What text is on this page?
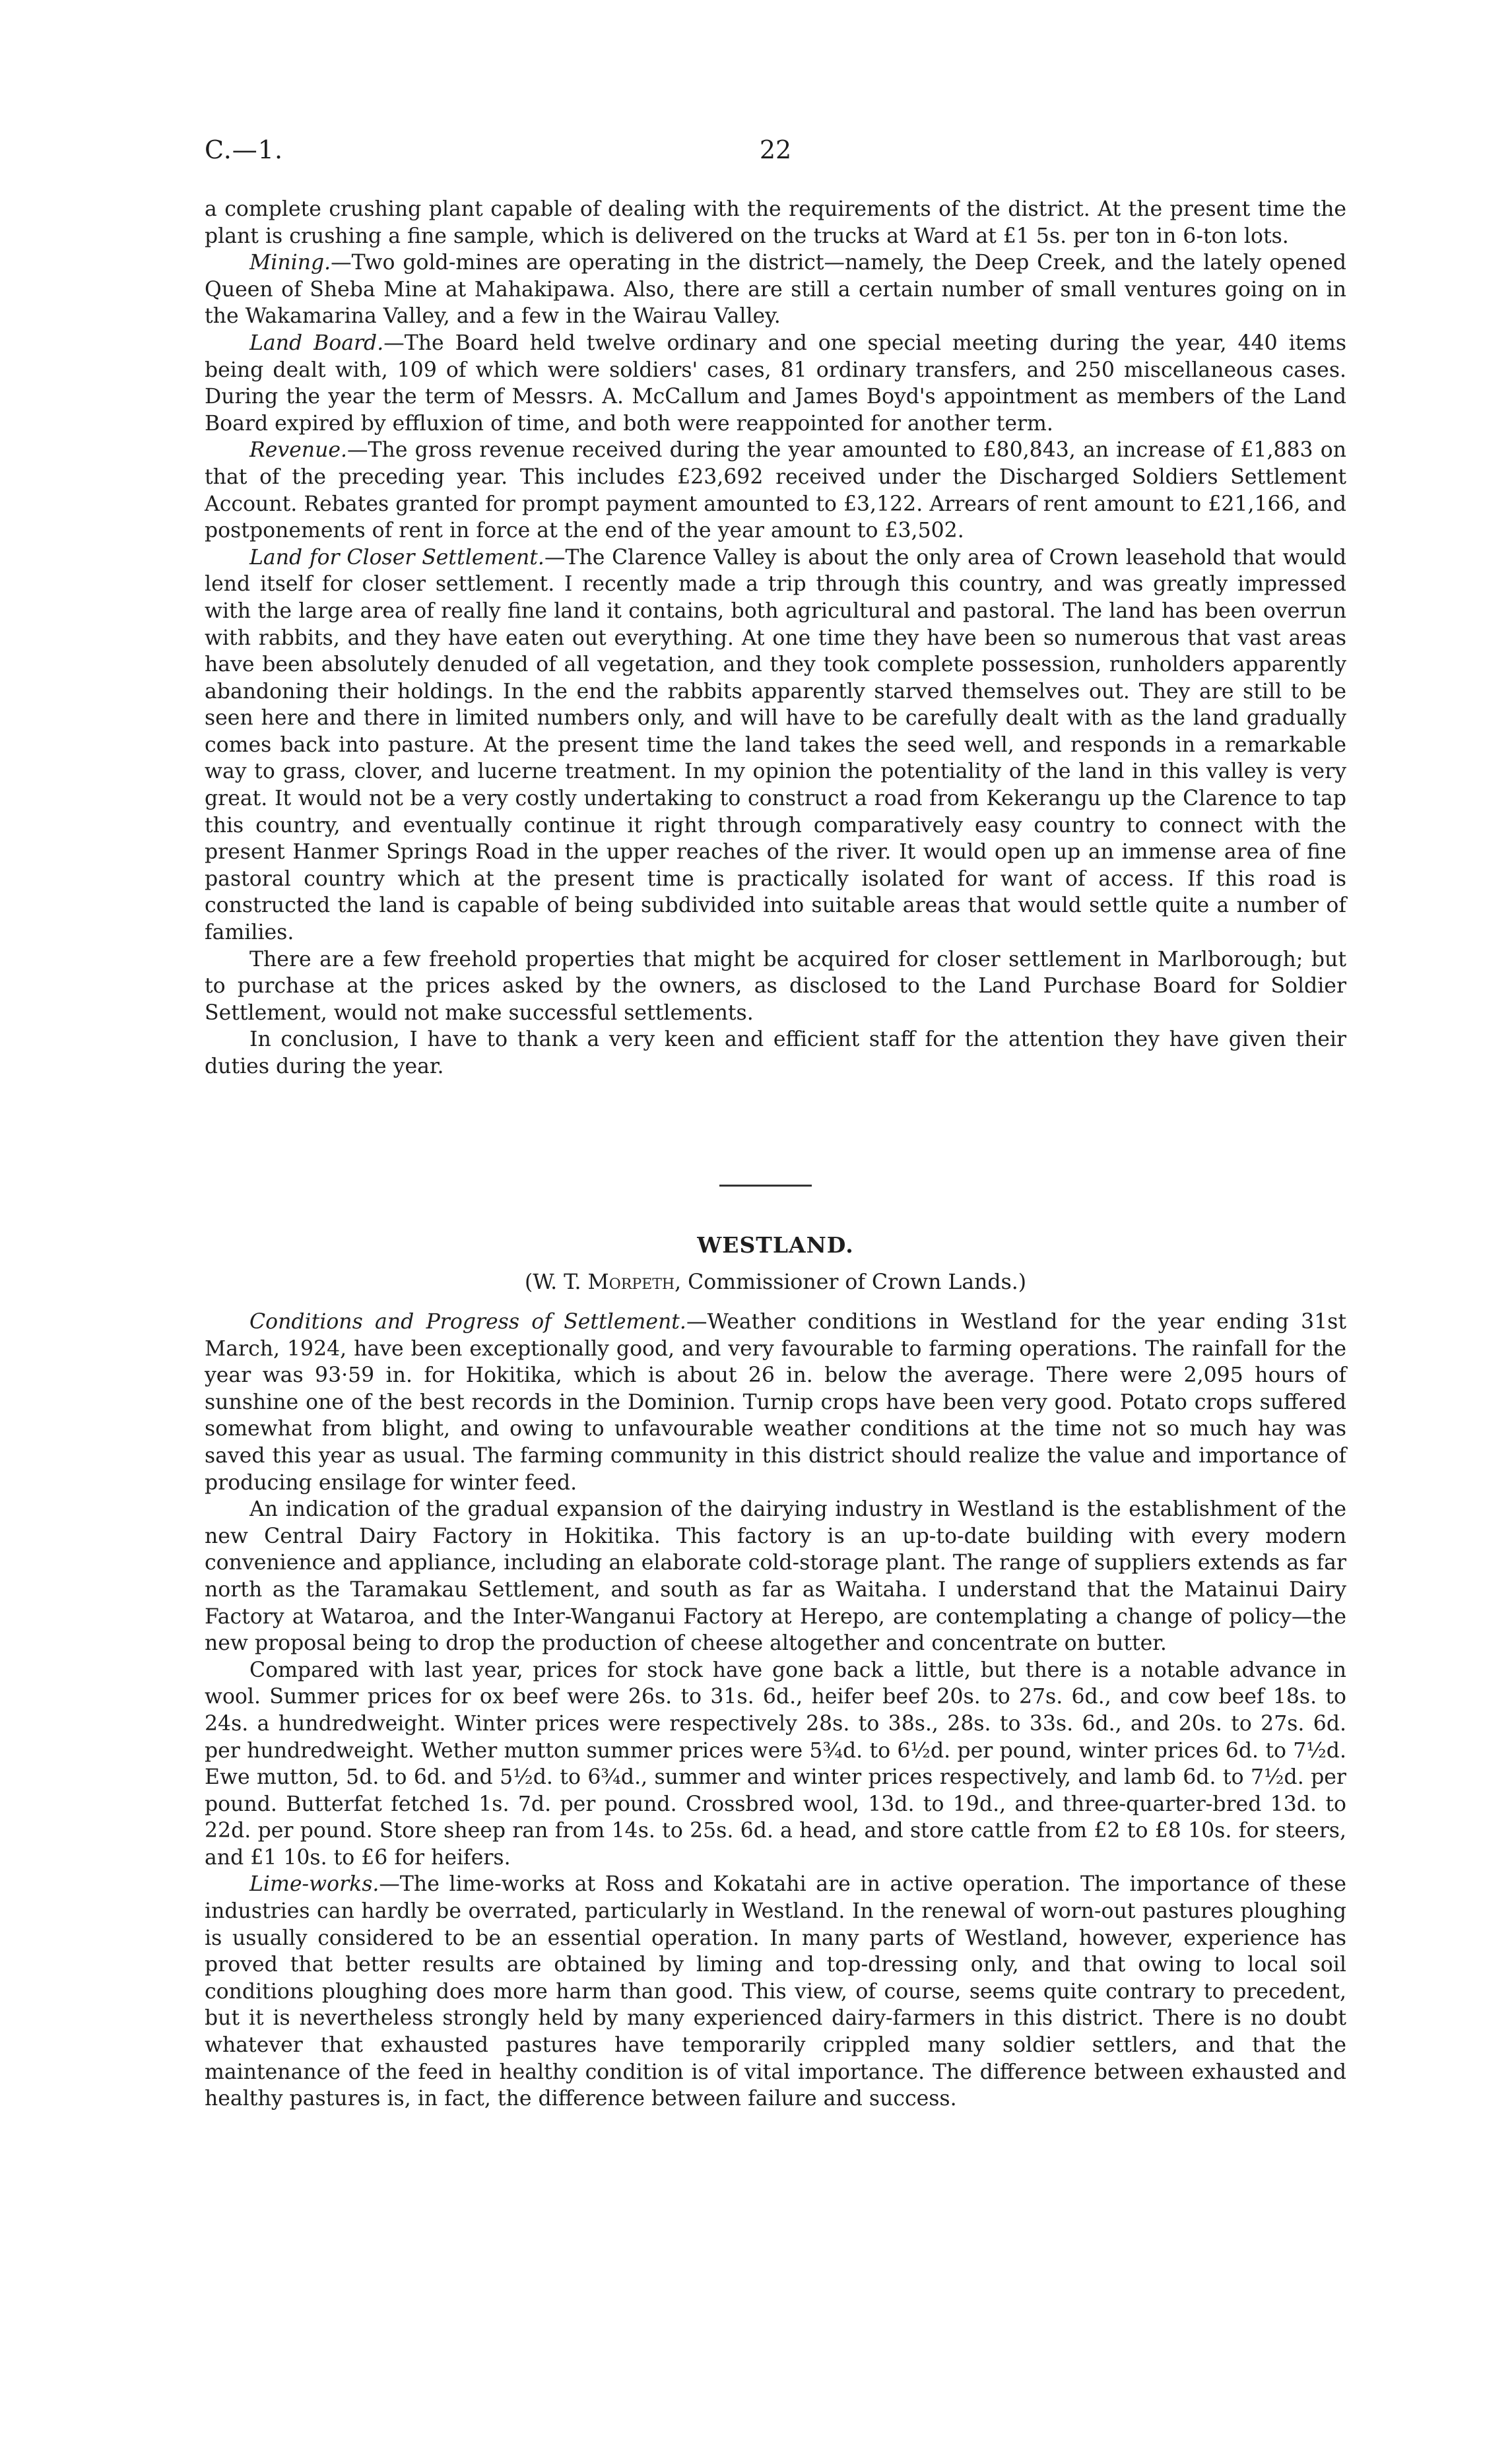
C.—1.	22

a complete crushing plant capable of dealing with the requirements of the district. At the present time the plant is crushing a fine sample, which is delivered on the trucks at Ward at £1 5s. per ton in 6-ton lots.

Mining.—Two gold-mines are operating in the district—namely, the Deep Creek, and the lately opened Queen of Sheba Mine at Mahakipawa. Also, there are still a certain number of small ventures going on in the Wakamarina Valley, and a few in the Wairau Valley.

Land Board.—The Board held twelve ordinary and one special meeting during the year, 440 items being dealt with, 109 of which were soldiers' cases, 81 ordinary transfers, and 250 miscellaneous cases. During the year the term of Messrs. A. McCallum and James Boyd's appointment as members of the Land Board expired by effluxion of time, and both were reappointed for another term.

Revenue.—The gross revenue received during the year amounted to £80,843, an increase of £1,883 on that of the preceding year. This includes £23,692 received under the Discharged Soldiers Settlement Account. Rebates granted for prompt payment amounted to £3,122. Arrears of rent amount to £21,166, and postponements of rent in force at the end of the year amount to £3,502.

Land for Closer Settlement.—The Clarence Valley is about the only area of Crown leasehold that would lend itself for closer settlement. I recently made a trip through this country, and was greatly impressed with the large area of really fine land it contains, both agricultural and pastoral. The land has been overrun with rabbits, and they have eaten out everything. At one time they have been so numerous that vast areas have been absolutely denuded of all vegetation, and they took complete possession, runholders apparently abandoning their holdings. In the end the rabbits apparently starved themselves out. They are still to be seen here and there in limited numbers only, and will have to be carefully dealt with as the land gradually comes back into pasture. At the present time the land takes the seed well, and responds in a remarkable way to grass, clover, and lucerne treatment. In my opinion the potentiality of the land in this valley is very great. It would not be a very costly undertaking to construct a road from Kekerangu up the Clarence to tap this country, and eventually continue it right through comparatively easy country to connect with the present Hanmer Springs Road in the upper reaches of the river. It would open up an immense area of fine pastoral country which at the present time is practically isolated for want of access. If this road is constructed the land is capable of being subdivided into suitable areas that would settle quite a number of families.

There are a few freehold properties that might be acquired for closer settlement in Marlborough; but to purchase at the prices asked by the owners, as disclosed to the Land Purchase Board for Soldier Settlement, would not make successful settlements.

In conclusion, I have to thank a very keen and efficient staff for the attention they have given their duties during the year.

WESTLAND.

(W. T. Morpeth, Commissioner of Crown Lands.)

Conditions and Progress of Settlement.—Weather conditions in Westland for the year ending 31st March, 1924, have been exceptionally good, and very favourable to farming operations. The rainfall for the year was 93·59 in. for Hokitika, which is about 26 in. below the average. There were 2,095 hours of sunshine one of the best records in the Dominion. Turnip crops have been very good. Potato crops suffered somewhat from blight, and owing to unfavourable weather conditions at the time not so much hay was saved this year as usual. The farming community in this district should realize the value and importance of producing ensilage for winter feed.

An indication of the gradual expansion of the dairying industry in Westland is the establishment of the new Central Dairy Factory in Hokitika. This factory is an up-to-date building with every modern convenience and appliance, including an elaborate cold-storage plant. The range of suppliers extends as far north as the Taramakau Settlement, and south as far as Waitaha. I understand that the Matainui Dairy Factory at Wataroa, and the Inter-Wanganui Factory at Herepo, are contemplating a change of policy—the new proposal being to drop the production of cheese altogether and concentrate on butter.

Compared with last year, prices for stock have gone back a little, but there is a notable advance in wool. Summer prices for ox beef were 26s. to 31s. 6d., heifer beef 20s. to 27s. 6d., and cow beef 18s. to 24s. a hundredweight. Winter prices were respectively 28s. to 38s., 28s. to 33s. 6d., and 20s. to 27s. 6d. per hundredweight. Wether mutton summer prices were 5¾d. to 6½d. per pound, winter prices 6d. to 7½d. Ewe mutton, 5d. to 6d. and 5½d. to 6¾d., summer and winter prices respectively, and lamb 6d. to 7½d. per pound. Butterfat fetched 1s. 7d. per pound. Crossbred wool, 13d. to 19d., and three-quarter-bred 13d. to 22d. per pound. Store sheep ran from 14s. to 25s. 6d. a head, and store cattle from £2 to £8 10s. for steers, and £1 10s. to £6 for heifers.

Lime-works.—The lime-works at Ross and Kokatahi are in active operation. The importance of these industries can hardly be overrated, particularly in Westland. In the renewal of worn-out pastures ploughing is usually considered to be an essential operation. In many parts of Westland, however, experience has proved that better results are obtained by liming and top-dressing only, and that owing to local soil conditions ploughing does more harm than good. This view, of course, seems quite contrary to precedent, but it is nevertheless strongly held by many experienced dairy-farmers in this district. There is no doubt whatever that exhausted pastures have temporarily crippled many soldier settlers, and that the maintenance of the feed in healthy condition is of vital importance. The difference between exhausted and healthy pastures is, in fact, the difference between failure and success.
